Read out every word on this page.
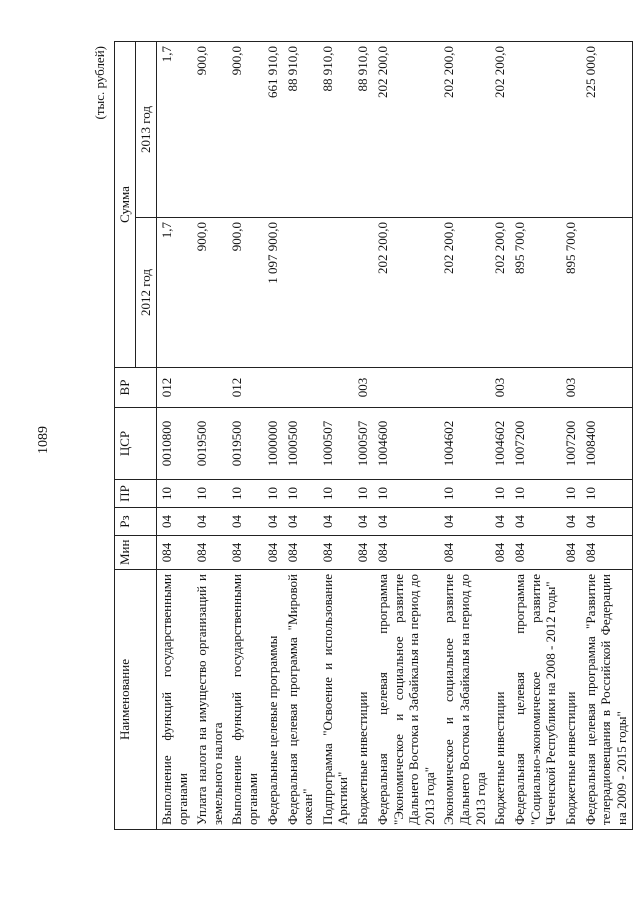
1089
(тыс. рублей)
Наименование	Мин	Рз	ПР	ЦСР	ВР	Сумма	
						2012 год	2013 год
Выполнение функций государственными органами	084	04	10	0010800	012	1,7	1,7
Уплата налога на имущество организаций и земельного налога	084	04	10	0019500		900,0	900,0
Выполнение функций государственными органами	084	04	10	0019500	012	900,0	900,0
Федеральные целевые программы	084	04	10	1000000		1 097 900,0	661 910,0
Федеральная целевая программа "Мировой океан"	084	04	10	1000500			88 910,0
Подпрограмма "Освоение и использование Арктики"	084	04	10	1000507			88 910,0
Бюджетные инвестиции	084	04	10	1000507	003		88 910,0
Федеральная целевая программа "Экономическое и социальное развитие Дальнего Востока и Забайкалья на период до 2013 года"	084	04	10	1004600		202 200,0	202 200,0
Экономическое и социальное развитие Дальнего Востока и Забайкалья на период до 2013 года	084	04	10	1004602		202 200,0	202 200,0
Бюджетные инвестиции	084	04	10	1004602	003	202 200,0	202 200,0
Федеральная целевая программа "Социально-экономическое развитие Чеченской Республики на 2008 - 2012 годы"	084	04	10	1007200		895 700,0	
Бюджетные инвестиции	084	04	10	1007200	003	895 700,0	
Федеральная целевая программа "Развитие телерадиовещания в Российской Федерации на 2009 - 2015 годы"	084	04	10	1008400			225 000,0
